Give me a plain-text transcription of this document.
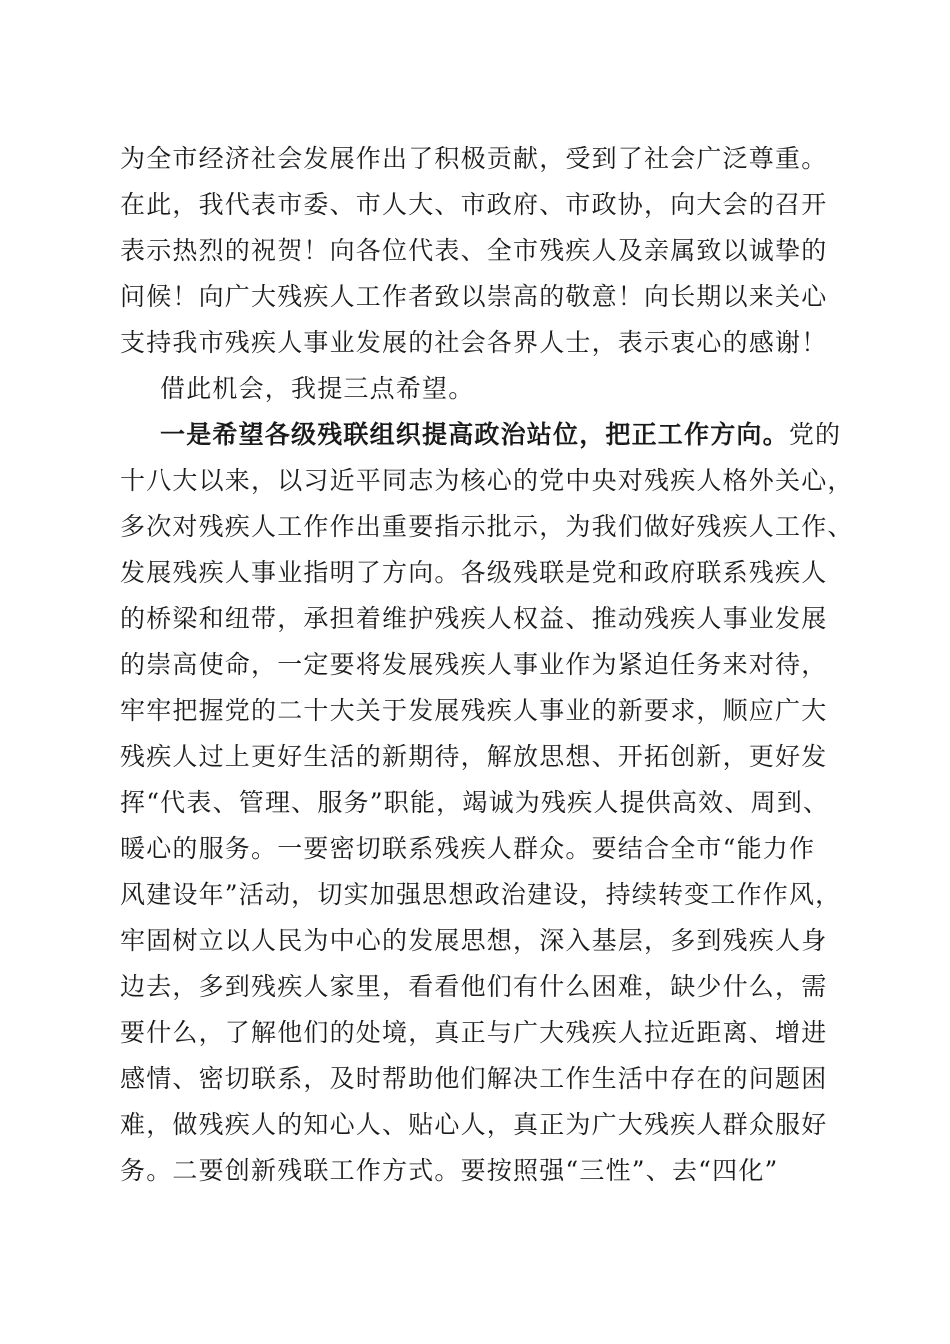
为全市经济社会发展作出了积极贡献，受到了社会广泛尊重。
在此，我代表市委、市人大、市政府、市政协，向大会的召开
表示热烈的祝贺！向各位代表、全市残疾人及亲属致以诚挚的
问候！向广大残疾人工作者致以崇高的敬意！向长期以来关心
支持我市残疾人事业发展的社会各界人士，表示衷心的感谢！
借此机会，我提三点希望。
一是希望各级残联组织提高政治站位，把正工作方向。党的
十八大以来，以习近平同志为核心的党中央对残疾人格外关心，
多次对残疾人工作作出重要指示批示，为我们做好残疾人工作、
发展残疾人事业指明了方向。各级残联是党和政府联系残疾人
的桥梁和纽带，承担着维护残疾人权益、推动残疾人事业发展
的崇高使命，一定要将发展残疾人事业作为紧迫任务来对待，
牢牢把握党的二十大关于发展残疾人事业的新要求，顺应广大
残疾人过上更好生活的新期待，解放思想、开拓创新，更好发
挥“代表、管理、服务”职能，竭诚为残疾人提供高效、周到、
暖心的服务。一要密切联系残疾人群众。要结合全市“能力作
风建设年”活动，切实加强思想政治建设，持续转变工作作风，
牢固树立以人民为中心的发展思想，深入基层，多到残疾人身
边去，多到残疾人家里，看看他们有什么困难，缺少什么，需
要什么，了解他们的处境，真正与广大残疾人拉近距离、增进
感情、密切联系，及时帮助他们解决工作生活中存在的问题困
难，做残疾人的知心人、贴心人，真正为广大残疾人群众服好
务。二要创新残联工作方式。要按照强“三性”、去“四化”
